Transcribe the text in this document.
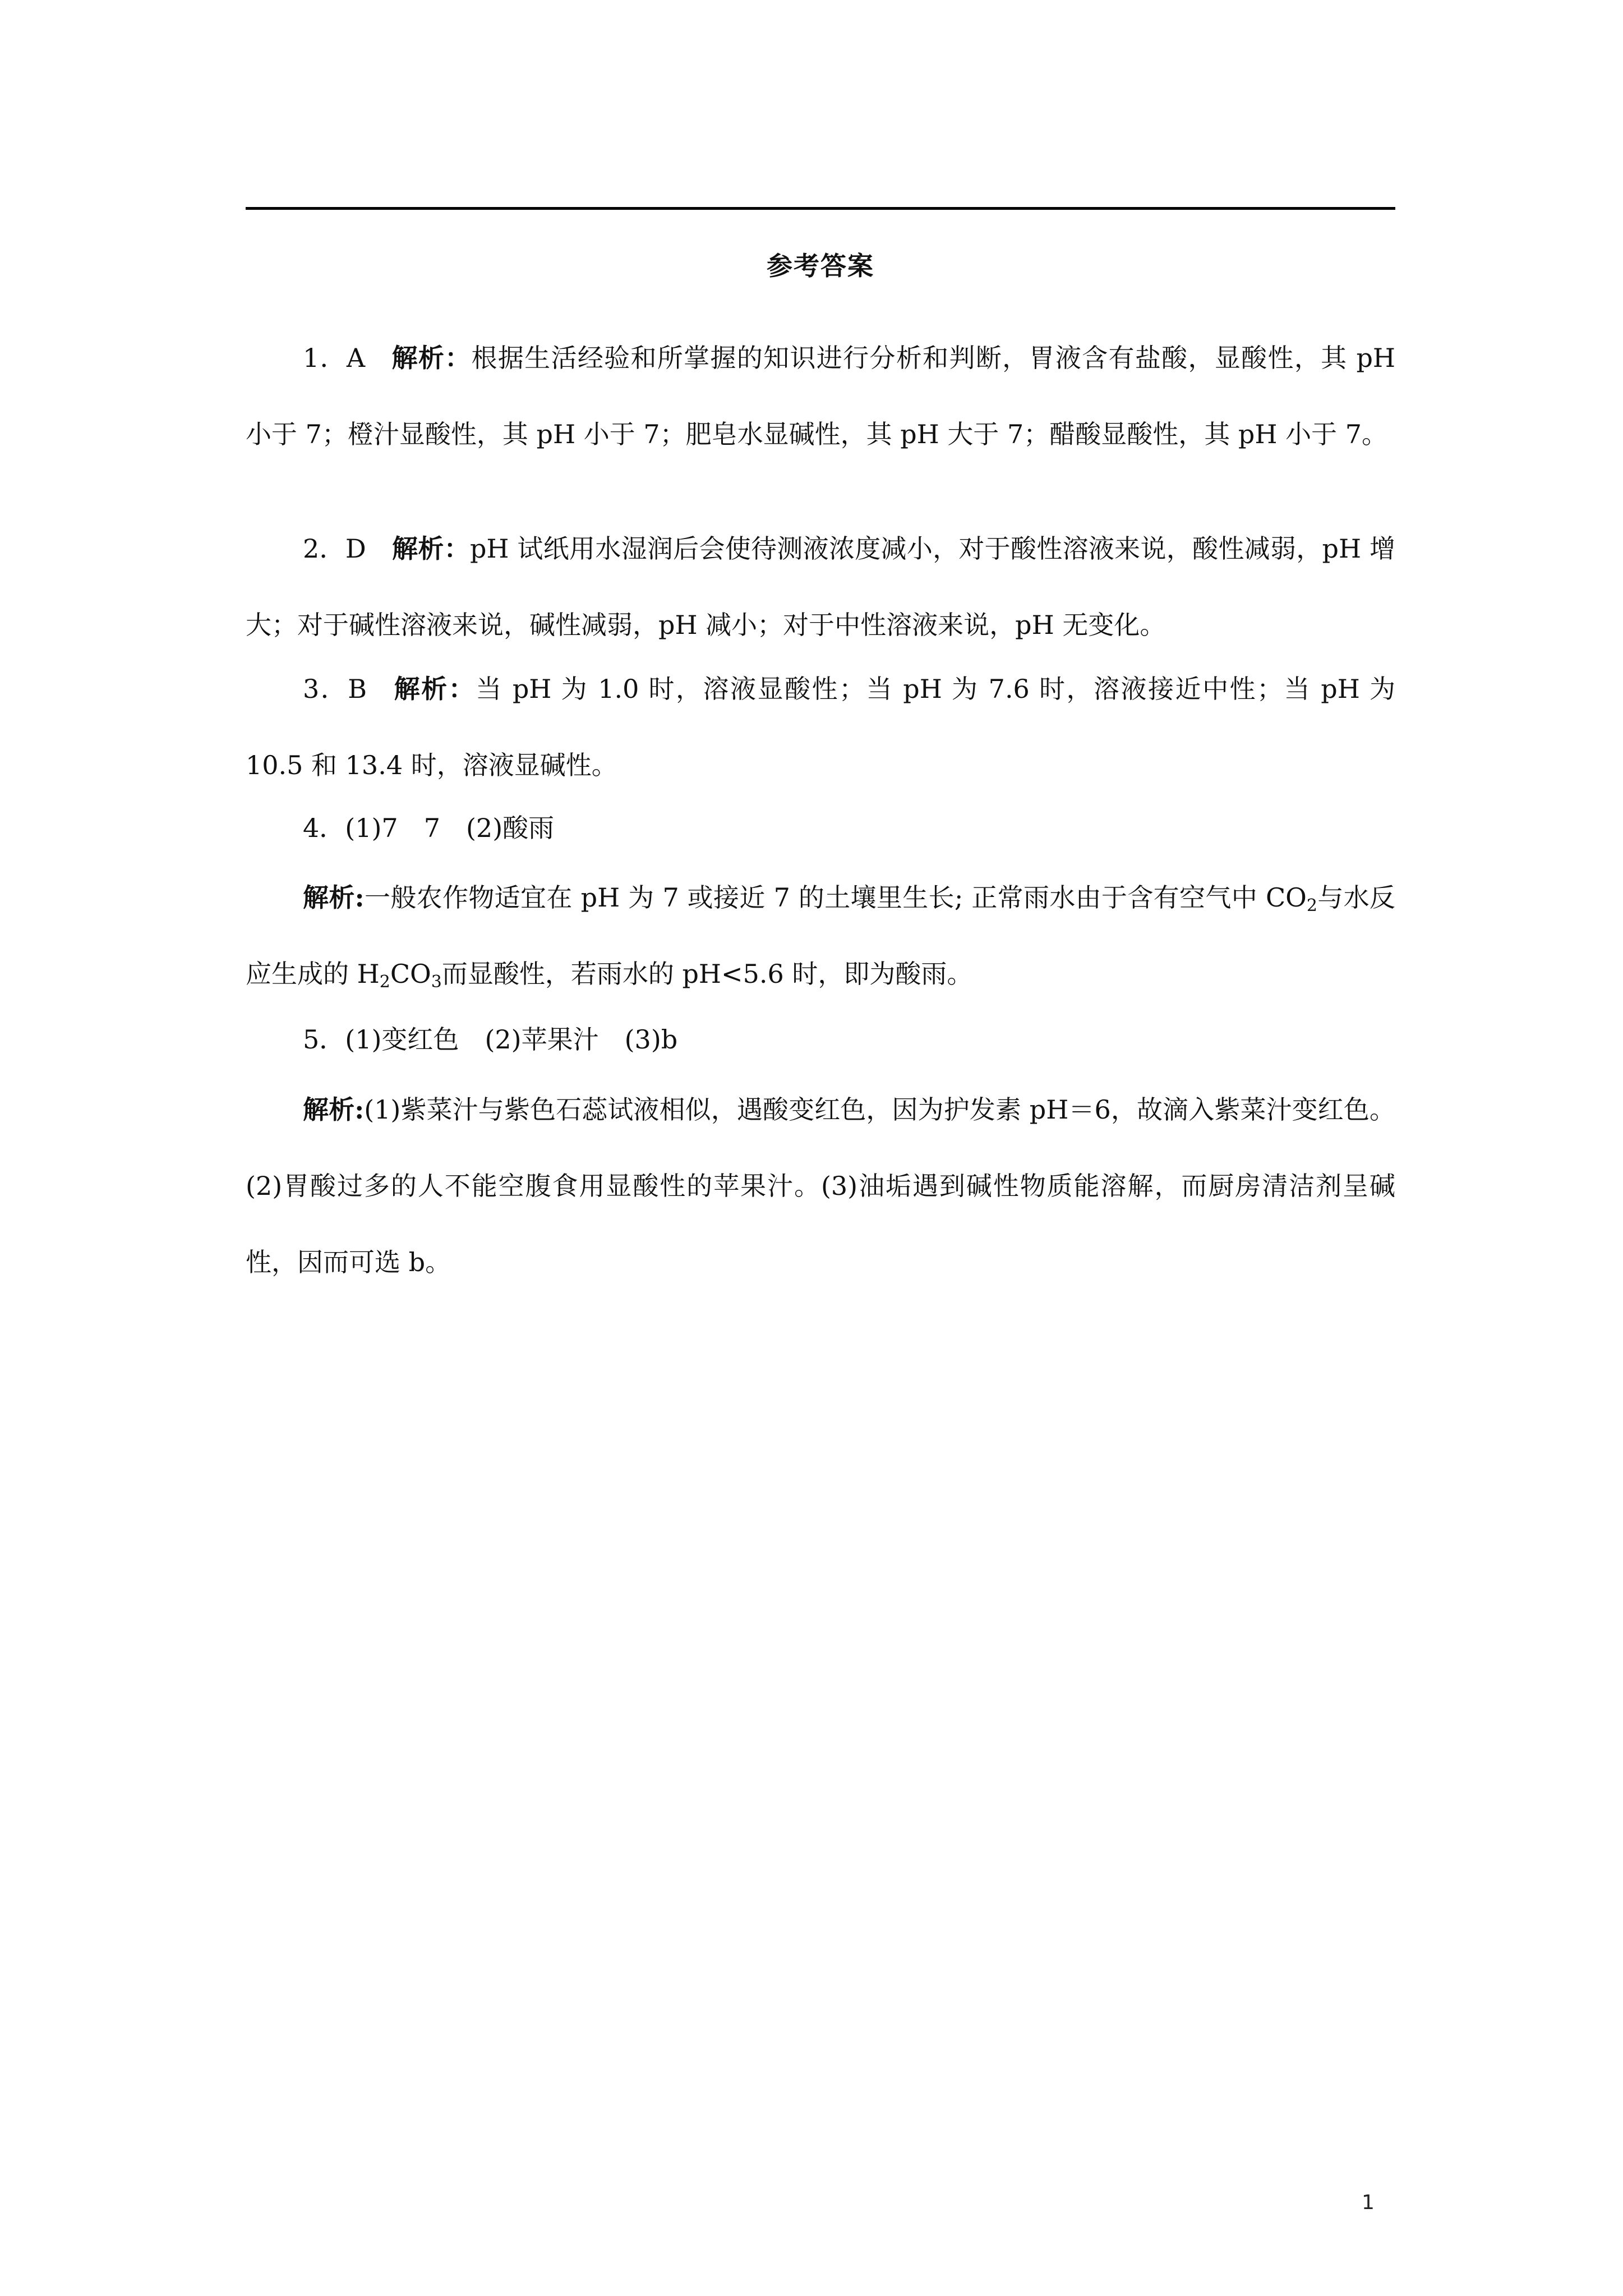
参考答案

1．A 解析：根据生活经验和所掌握的知识进行分析和判断，胃液含有盐酸，显酸性，其 pH 小于 7；橙汁显酸性，其 pH 小于 7；肥皂水显碱性，其 pH 大于 7；醋酸显酸性，其 pH 小于 7。

2．D 解析：pH 试纸用水湿润后会使待测液浓度减小，对于酸性溶液来说，酸性减弱，pH 增大；对于碱性溶液来说，碱性减弱，pH 减小；对于中性溶液来说，pH 无变化。

3．B 解析：当 pH 为 1.0 时，溶液显酸性；当 pH 为 7.6 时，溶液接近中性；当 pH 为 10.5 和 13.4 时，溶液显碱性。

4．(1)7 7 (2)酸雨

解析:一般农作物适宜在 pH 为 7 或接近 7 的土壤里生长; 正常雨水由于含有空气中 $CO_2$与水反应生成的 $H_2CO_3$而显酸性，若雨水的 pH<5.6 时，即为酸雨。

5．(1)变红色 (2)苹果汁 (3)b

解析:(1)紫菜汁与紫色石蕊试液相似，遇酸变红色，因为护发素 pH＝6，故滴入紫菜汁变红色。(2)胃酸过多的人不能空腹食用显酸性的苹果汁。(3)油垢遇到碱性物质能溶解，而厨房清洁剂呈碱性，因而可选 b。

1
